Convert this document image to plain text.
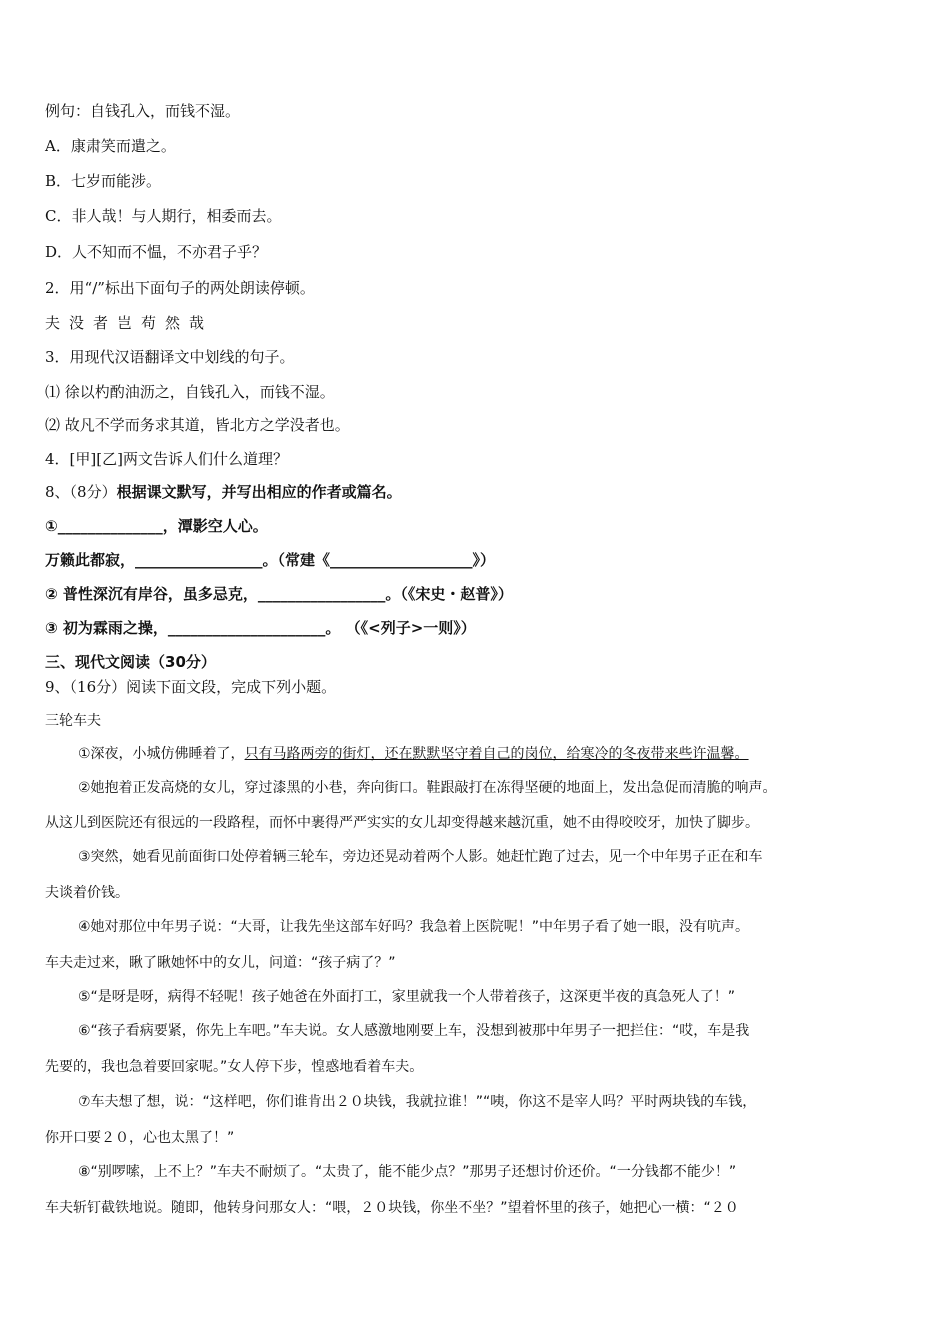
例句：自钱孔入，而钱不湿。
A．康肃笑而遣之。
B．七岁而能涉。
C．非人哉！与人期行，相委而去。
D．人不知而不愠，不亦君子乎？
2．用“/”标出下面句子的两处朗读停顿。
夫没者岂苟然哉
3．用现代汉语翻译文中划线的句子。
⑴ 徐以杓酌油沥之，自钱孔入，而钱不湿。
⑵ 故凡不学而务求其道，皆北方之学没者也。
4．[甲][乙]两文告诉人们什么道理？
8、（8分）根据课文默写，并写出相应的作者或篇名。
①______________，潭影空人心。
万籁此都寂，_________________。（常建《___________________》）
② 普性深沉有岸谷，虽多忌克，_________________。（《宋史・赵普》）
③ 初为霖雨之操，_____________________。 （《<列子>一则》）
三、现代文阅读（30分）
9、（16分）阅读下面文段，完成下列小题。
三轮车夫
①深夜，小城仿佛睡着了，只有马路两旁的街灯，还在默默坚守着自己的岗位，给寒冷的冬夜带来些许温馨。
②她抱着正发高烧的女儿，穿过漆黑的小巷，奔向街口。鞋跟敲打在冻得坚硬的地面上，发出急促而清脆的响声。
从这儿到医院还有很远的一段路程，而怀中裹得严严实实的女儿却变得越来越沉重，她不由得咬咬牙，加快了脚步。
③突然，她看见前面街口处停着辆三轮车，旁边还晃动着两个人影。她赶忙跑了过去，见一个中年男子正在和车
夫谈着价钱。
④她对那位中年男子说：“大哥，让我先坐这部车好吗？我急着上医院呢！”中年男子看了她一眼，没有吭声。
车夫走过来，瞅了瞅她怀中的女儿，问道：“孩子病了？”
⑤“是呀是呀，病得不轻呢！孩子她爸在外面打工，家里就我一个人带着孩子，这深更半夜的真急死人了！”
⑥“孩子看病要紧，你先上车吧。”车夫说。女人感激地刚要上车，没想到被那中年男子一把拦住：“哎，车是我
先要的，我也急着要回家呢。”女人停下步，惶惑地看着车夫。
⑦车夫想了想，说：“这样吧，你们谁肯出２０块钱，我就拉谁！”“咦，你这不是宰人吗？平时两块钱的车钱，
你开口要２０，心也太黑了！”
⑧“别啰嗦，上不上？”车夫不耐烦了。“太贵了，能不能少点？”那男子还想讨价还价。“一分钱都不能少！”
车夫斩钉截铁地说。随即，他转身问那女人：“喂，２０块钱，你坐不坐？”望着怀里的孩子，她把心一横：“２０
